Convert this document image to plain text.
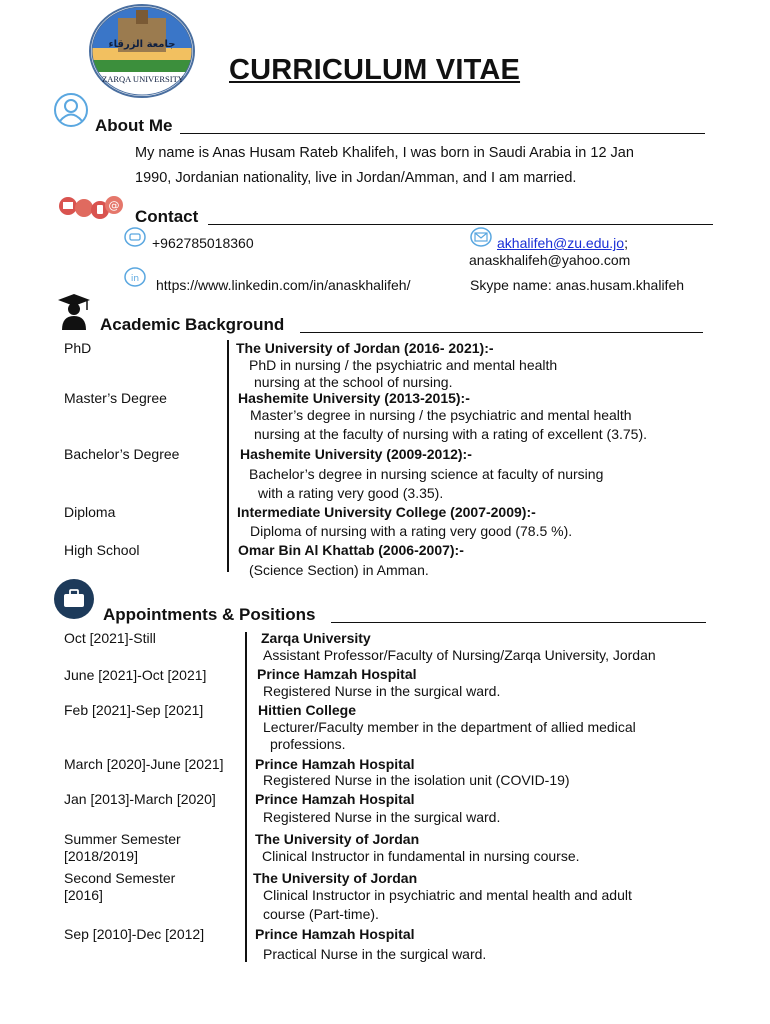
جامعة الزرقاء
ZARQA UNIVERSITY CURRICULUM VITAE
About Me
My name is Anas Husam Rateb Khalifeh, I was born in Saudi Arabia in 12 Jan
1990, Jordanian nationality, live in Jordan/Amman, and I am married.
@
Contact
+962785018360	akhalifeh@zu.edu.jo;
anaskhalifeh@yahoo.com
in https://www.linkedin.com/in/anaskhalifeh/	Skype name: anas.husam.khalifeh
Academic Background
PhD
Master’s Degree
Bachelor’s Degree
Diploma
High School
The University of Jordan (2016- 2021):-
PhD in nursing / the psychiatric and mental health
nursing at the school of nursing.
Hashemite University (2013-2015):-
Master’s degree in nursing / the psychiatric and mental health
nursing at the faculty of nursing with a rating of excellent (3.75).
Hashemite University (2009-2012):-
Bachelor’s degree in nursing science at faculty of nursing
with a rating very good (3.35).
Intermediate University College (2007-2009):-
Diploma of nursing with a rating very good (78.5 %).
Omar Bin Al Khattab (2006-2007):-
(Science Section) in Amman.
Appointments & Positions
Oct [2021]-Still
June [2021]-Oct [2021]
Feb [2021]-Sep [2021]
March [2020]-June [2021]
Jan [2013]-March [2020]
Summer Semester
[2018/2019]
Second Semester
[2016]
Sep [2010]-Dec [2012]
Zarqa University
Assistant Professor/Faculty of Nursing/Zarqa University, Jordan
Prince Hamzah Hospital
Registered Nurse in the surgical ward.
Hittien College
Lecturer/Faculty member in the department of allied medical
professions.
Prince Hamzah Hospital
Registered Nurse in the isolation unit (COVID-19)
Prince Hamzah Hospital
Registered Nurse in the surgical ward.
The University of Jordan
Clinical Instructor in fundamental in nursing course.
The University of Jordan
Clinical Instructor in psychiatric and mental health and adult
course (Part-time).
Prince Hamzah Hospital
Practical Nurse in the surgical ward.
